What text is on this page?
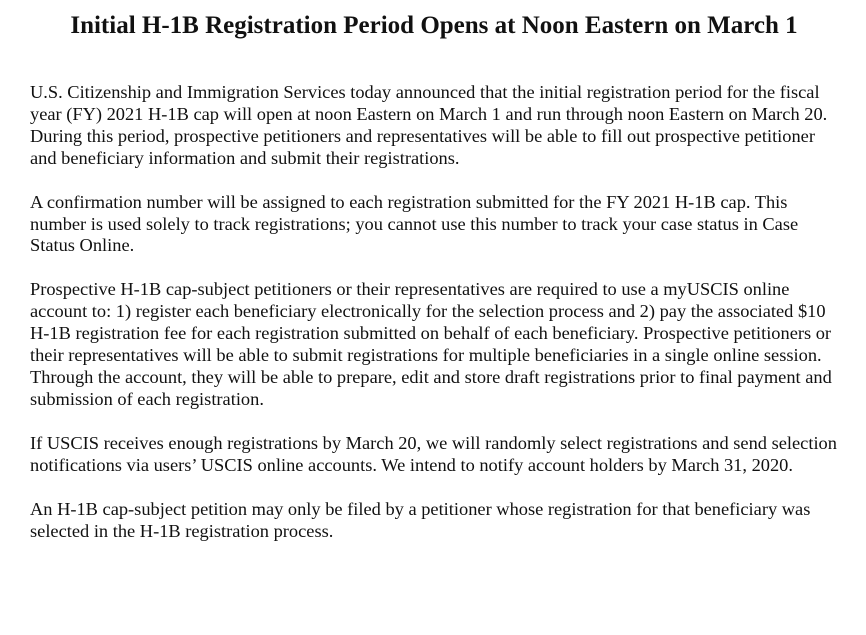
Initial H-1B Registration Period Opens at Noon Eastern on March 1

U.S. Citizenship and Immigration Services today announced that the initial registration period for the fiscal year (FY) 2021 H-1B cap will open at noon Eastern on March 1 and run through noon Eastern on March 20. During this period, prospective petitioners and representatives will be able to fill out prospective petitioner and beneficiary information and submit their registrations.

A confirmation number will be assigned to each registration submitted for the FY 2021 H-1B cap. This number is used solely to track registrations; you cannot use this number to track your case status in Case Status Online.

Prospective H-1B cap-subject petitioners or their representatives are required to use a myUSCIS online account to: 1) register each beneficiary electronically for the selection process and 2) pay the associated $10 H-1B registration fee for each registration submitted on behalf of each beneficiary. Prospective petitioners or their representatives will be able to submit registrations for multiple beneficiaries in a single online session. Through the account, they will be able to prepare, edit and store draft registrations prior to final payment and submission of each registration.

If USCIS receives enough registrations by March 20, we will randomly select registrations and send selection notifications via users’ USCIS online accounts. We intend to notify account holders by March 31, 2020.

An H-1B cap-subject petition may only be filed by a petitioner whose registration for that beneficiary was selected in the H-1B registration process.
